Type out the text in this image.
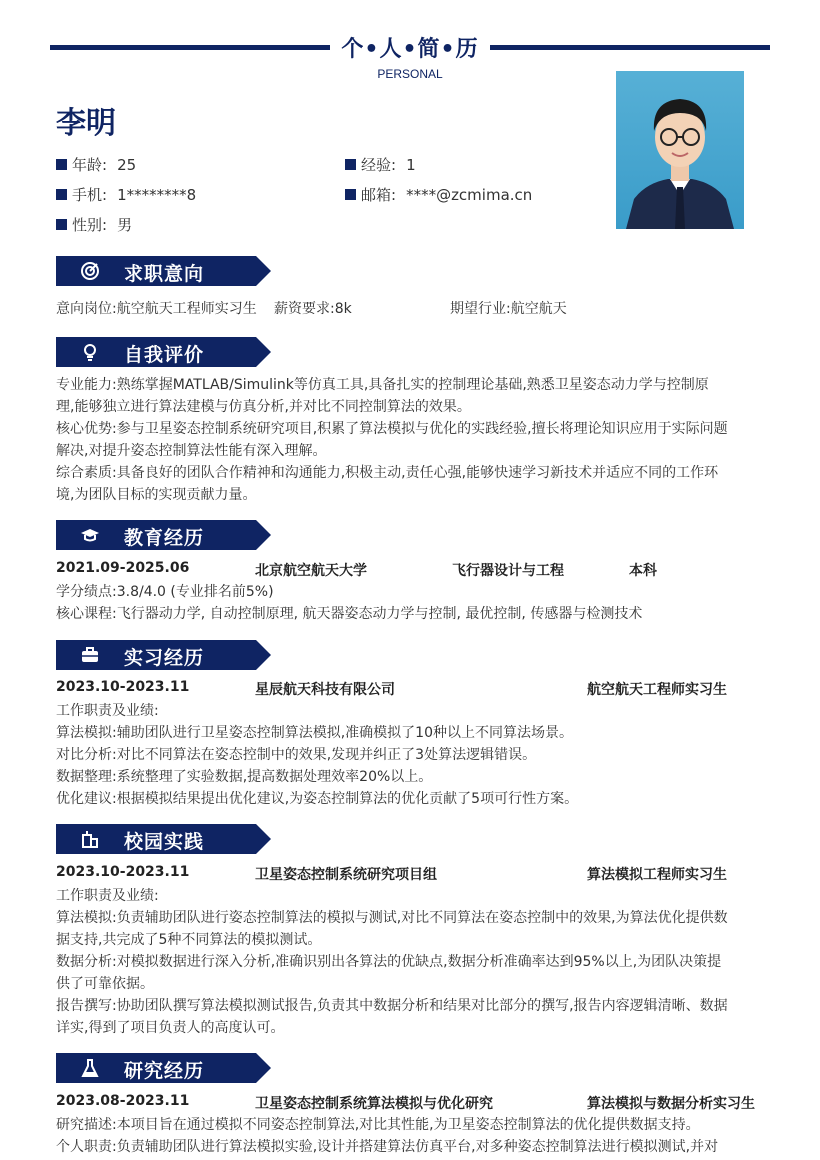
个•人•简•历
PERSONAL
李明
年龄: 25	经验: 1
手机: 1********8	邮箱: ****@zcmima.cn
性别: 男
求职意向
意向岗位:航空航天工程师实习生 薪资要求:8k	期望行业:航空航天
自我评价
专业能力:熟练掌握MATLAB/Simulink等仿真工具,具备扎实的控制理论基础,熟悉卫星姿态动力学与控制原
理,能够独立进行算法建模与仿真分析,并对比不同控制算法的效果。
核心优势:参与卫星姿态控制系统研究项目,积累了算法模拟与优化的实践经验,擅长将理论知识应用于实际问题
解决,对提升姿态控制算法性能有深入理解。
综合素质:具备良好的团队合作精神和沟通能力,积极主动,责任心强,能够快速学习新技术并适应不同的工作环
境,为团队目标的实现贡献力量。
教育经历
2021.09-2025.06	北京航空航天大学	飞行器设计与工程	本科
学分绩点:3.8/4.0 (专业排名前5%)
核心课程:飞行器动力学, 自动控制原理, 航天器姿态动力学与控制, 最优控制, 传感器与检测技术
实习经历
2023.10-2023.11	星辰航天科技有限公司	航空航天工程师实习生
工作职责及业绩:
算法模拟:辅助团队进行卫星姿态控制算法模拟,准确模拟了10种以上不同算法场景。
对比分析:对比不同算法在姿态控制中的效果,发现并纠正了3处算法逻辑错误。
数据整理:系统整理了实验数据,提高数据处理效率20%以上。
优化建议:根据模拟结果提出优化建议,为姿态控制算法的优化贡献了5项可行性方案。
校园实践
2023.10-2023.11	卫星姿态控制系统研究项目组	算法模拟工程师实习生
工作职责及业绩:
算法模拟:负责辅助团队进行姿态控制算法的模拟与测试,对比不同算法在姿态控制中的效果,为算法优化提供数
据支持,共完成了5种不同算法的模拟测试。
数据分析:对模拟数据进行深入分析,准确识别出各算法的优缺点,数据分析准确率达到95%以上,为团队决策提
供了可靠依据。
报告撰写:协助团队撰写算法模拟测试报告,负责其中数据分析和结果对比部分的撰写,报告内容逻辑清晰、数据
详实,得到了项目负责人的高度认可。
研究经历
2023.08-2023.11	卫星姿态控制系统算法模拟与优化研究	算法模拟与数据分析实习生
研究描述:本项目旨在通过模拟不同姿态控制算法,对比其性能,为卫星姿态控制算法的优化提供数据支持。
个人职责:负责辅助团队进行算法模拟实验,设计并搭建算法仿真平台,对多种姿态控制算法进行模拟测试,并对
